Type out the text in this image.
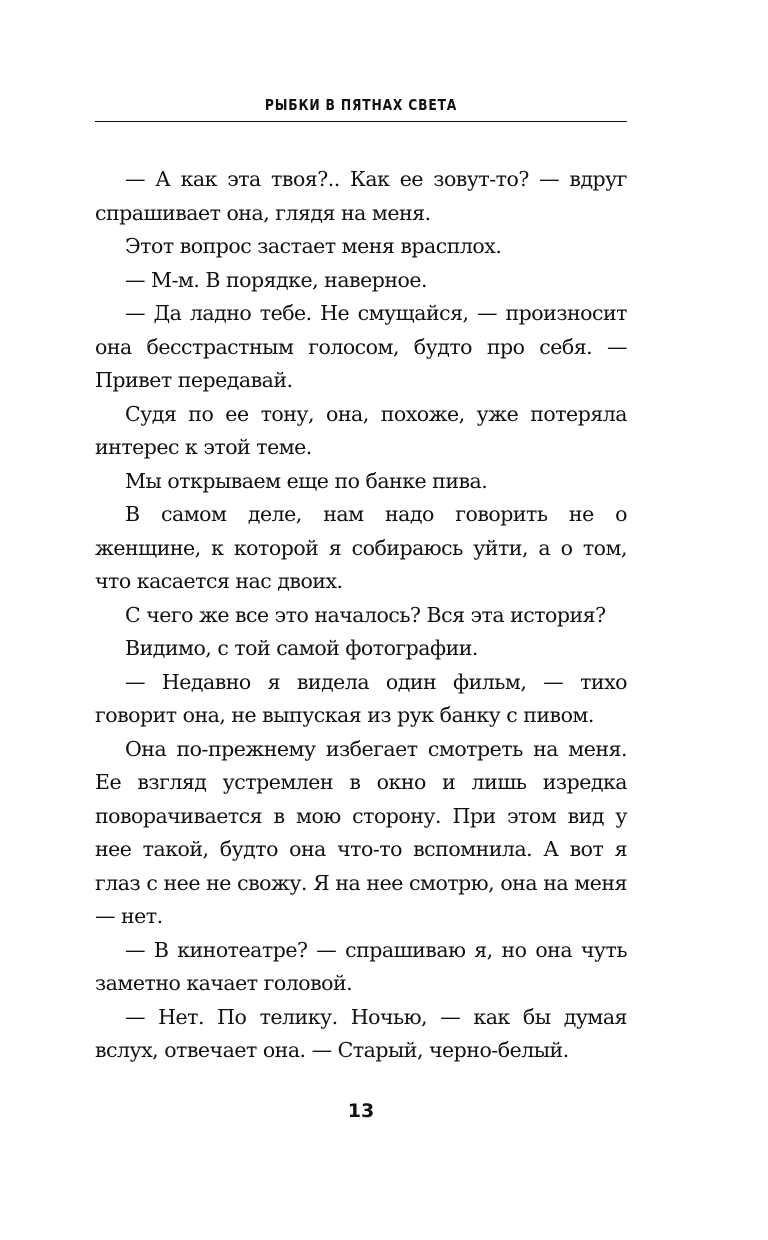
РЫБКИ В ПЯТНАХ СВЕТА

— А как эта твоя?.. Как ее зовут-то? — вдруг спрашивает она, глядя на меня.

Этот вопрос застает меня врасплох.

— М-м. В порядке, наверное.

— Да ладно тебе. Не смущайся, — произносит она бесстрастным голосом, будто про себя. — Привет передавай.

Судя по ее тону, она, похоже, уже потеряла интерес к этой теме.

Мы открываем еще по банке пива.

В самом деле, нам надо говорить не о женщине, к которой я собираюсь уйти, а о том, что касается нас двоих.

С чего же все это началось? Вся эта история?

Видимо, с той самой фотографии.

— Недавно я видела один фильм, — тихо говорит она, не выпуская из рук банку с пивом.

Она по-прежнему избегает смотреть на меня. Ее взгляд устремлен в окно и лишь изредка поворачивается в мою сторону. При этом вид у нее такой, будто она что-то вспомнила. А вот я глаз с нее не свожу. Я на нее смотрю, она на меня — нет.

— В кинотеатре? — спрашиваю я, но она чуть заметно качает головой.

— Нет. По телику. Ночью, — как бы думая вслух, отвечает она. — Старый, черно-белый.

13
